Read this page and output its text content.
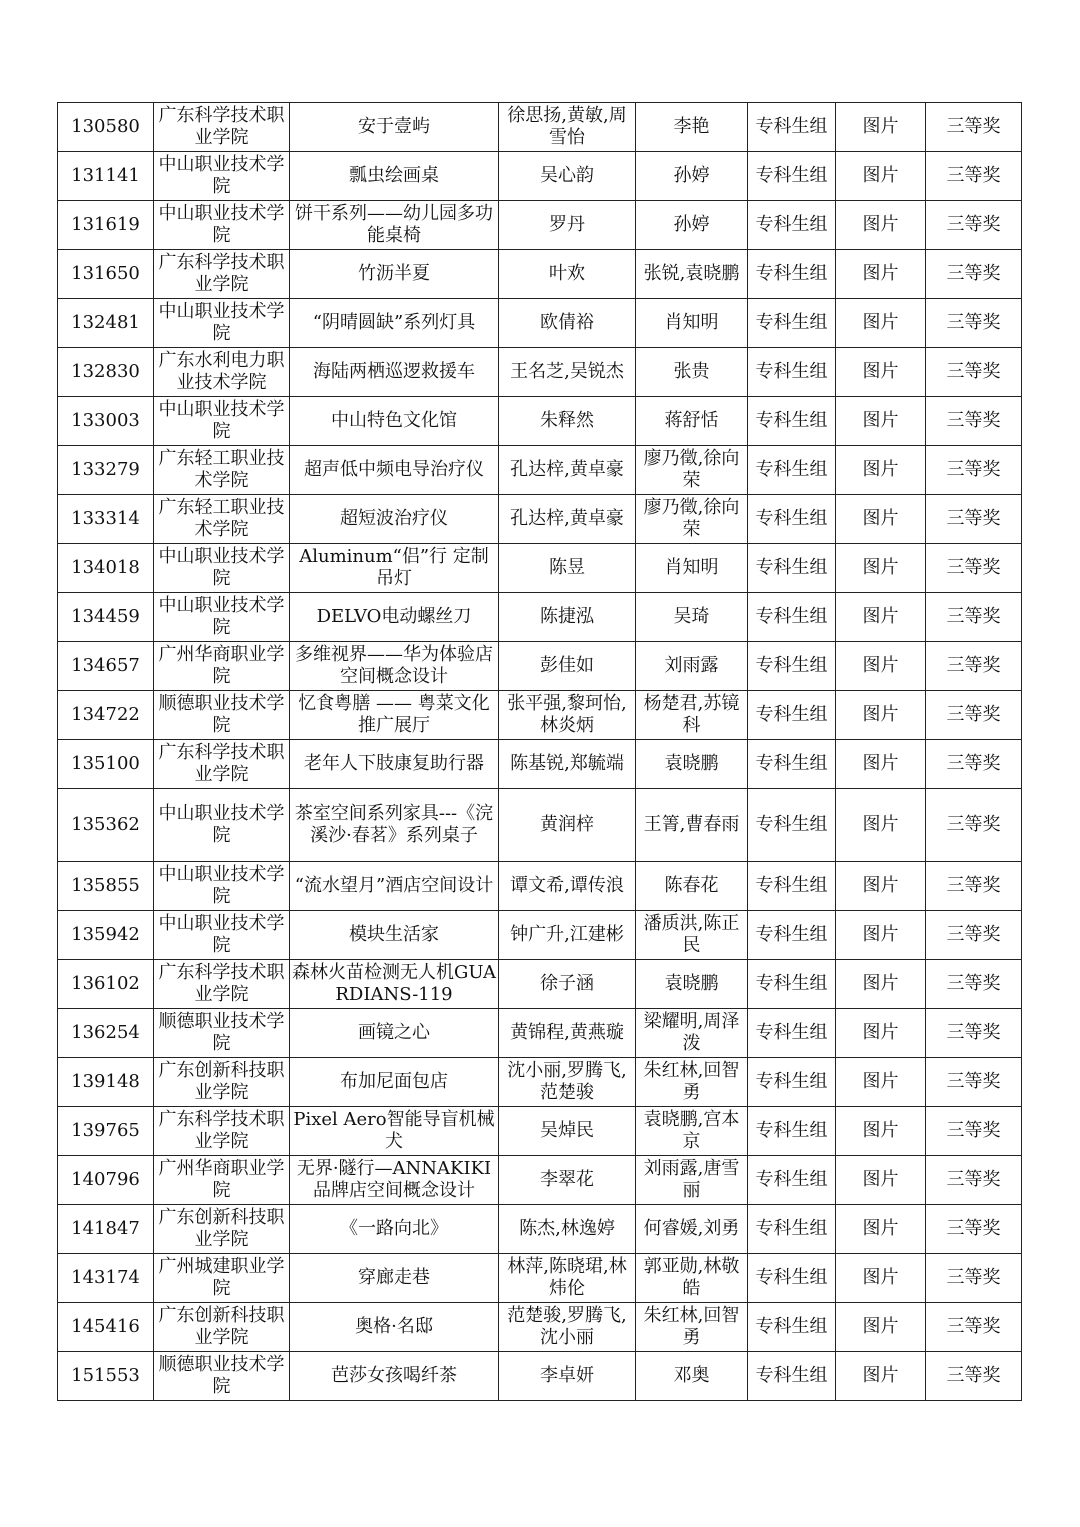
130580	广东科学技术职业学院	安于壹屿	徐思扬,黄敏,周雪怡	李艳	专科生组	图片	三等奖
131141	中山职业技术学院	瓢虫绘画桌	吴心韵	孙婷	专科生组	图片	三等奖
131619	中山职业技术学院	饼干系列——幼儿园多功能桌椅	罗丹	孙婷	专科生组	图片	三等奖
131650	广东科学技术职业学院	竹沥半夏	叶欢	张锐,袁晓鹏	专科生组	图片	三等奖
132481	中山职业技术学院	“阴晴圆缺”系列灯具	欧倩裕	肖知明	专科生组	图片	三等奖
132830	广东水利电力职业技术学院	海陆两栖巡逻救援车	王名芝,吴锐杰	张贵	专科生组	图片	三等奖
133003	中山职业技术学院	中山特色文化馆	朱释然	蒋舒恬	专科生组	图片	三等奖
133279	广东轻工职业技术学院	超声低中频电导治疗仪	孔达梓,黄卓豪	廖乃徵,徐向荣	专科生组	图片	三等奖
133314	广东轻工职业技术学院	超短波治疗仪	孔达梓,黄卓豪	廖乃徵,徐向荣	专科生组	图片	三等奖
134018	中山职业技术学院	Aluminum“侣”行 定制吊灯	陈昱	肖知明	专科生组	图片	三等奖
134459	中山职业技术学院	DELVO电动螺丝刀	陈捷泓	吴琦	专科生组	图片	三等奖
134657	广州华商职业学院	多维视界——华为体验店空间概念设计	彭佳如	刘雨露	专科生组	图片	三等奖
134722	顺德职业技术学院	忆食粤膳 —— 粤菜文化推广展厅	张平强,黎珂怡,林炎炳	杨楚君,苏镜科	专科生组	图片	三等奖
135100	广东科学技术职业学院	老年人下肢康复助行器	陈基锐,郑毓端	袁晓鹏	专科生组	图片	三等奖
135362	中山职业技术学院	茶室空间系列家具---《浣溪沙·春茗》系列桌子	黄润梓	王箐,曹春雨	专科生组	图片	三等奖
135855	中山职业技术学院	“流水望月”酒店空间设计	谭文希,谭传浪	陈春花	专科生组	图片	三等奖
135942	中山职业技术学院	模块生活家	钟广升,江建彬	潘质洪,陈正民	专科生组	图片	三等奖
136102	广东科学技术职业学院	森林火苗检测无人机GUARDIANS-119	徐子涵	袁晓鹏	专科生组	图片	三等奖
136254	顺德职业技术学院	画镜之心	黄锦程,黄燕璇	梁耀明,周泽泼	专科生组	图片	三等奖
139148	广东创新科技职业学院	布加尼面包店	沈小丽,罗腾飞,范楚骏	朱红林,回智勇	专科生组	图片	三等奖
139765	广东科学技术职业学院	Pixel Aero智能导盲机械犬	吴焯民	袁晓鹏,宫本京	专科生组	图片	三等奖
140796	广州华商职业学院	无界·隧行—ANNAKIKI品牌店空间概念设计	李翠花	刘雨露,唐雪丽	专科生组	图片	三等奖
141847	广东创新科技职业学院	《一路向北》	陈杰,林逸婷	何睿媛,刘勇	专科生组	图片	三等奖
143174	广州城建职业学院	穿廊走巷	林萍,陈晓珺,林炜伦	郭亚勋,林敬皓	专科生组	图片	三等奖
145416	广东创新科技职业学院	奥格·名邸	范楚骏,罗腾飞,沈小丽	朱红林,回智勇	专科生组	图片	三等奖
151553	顺德职业技术学院	芭莎女孩喝纤茶	李卓妍	邓奥	专科生组	图片	三等奖
